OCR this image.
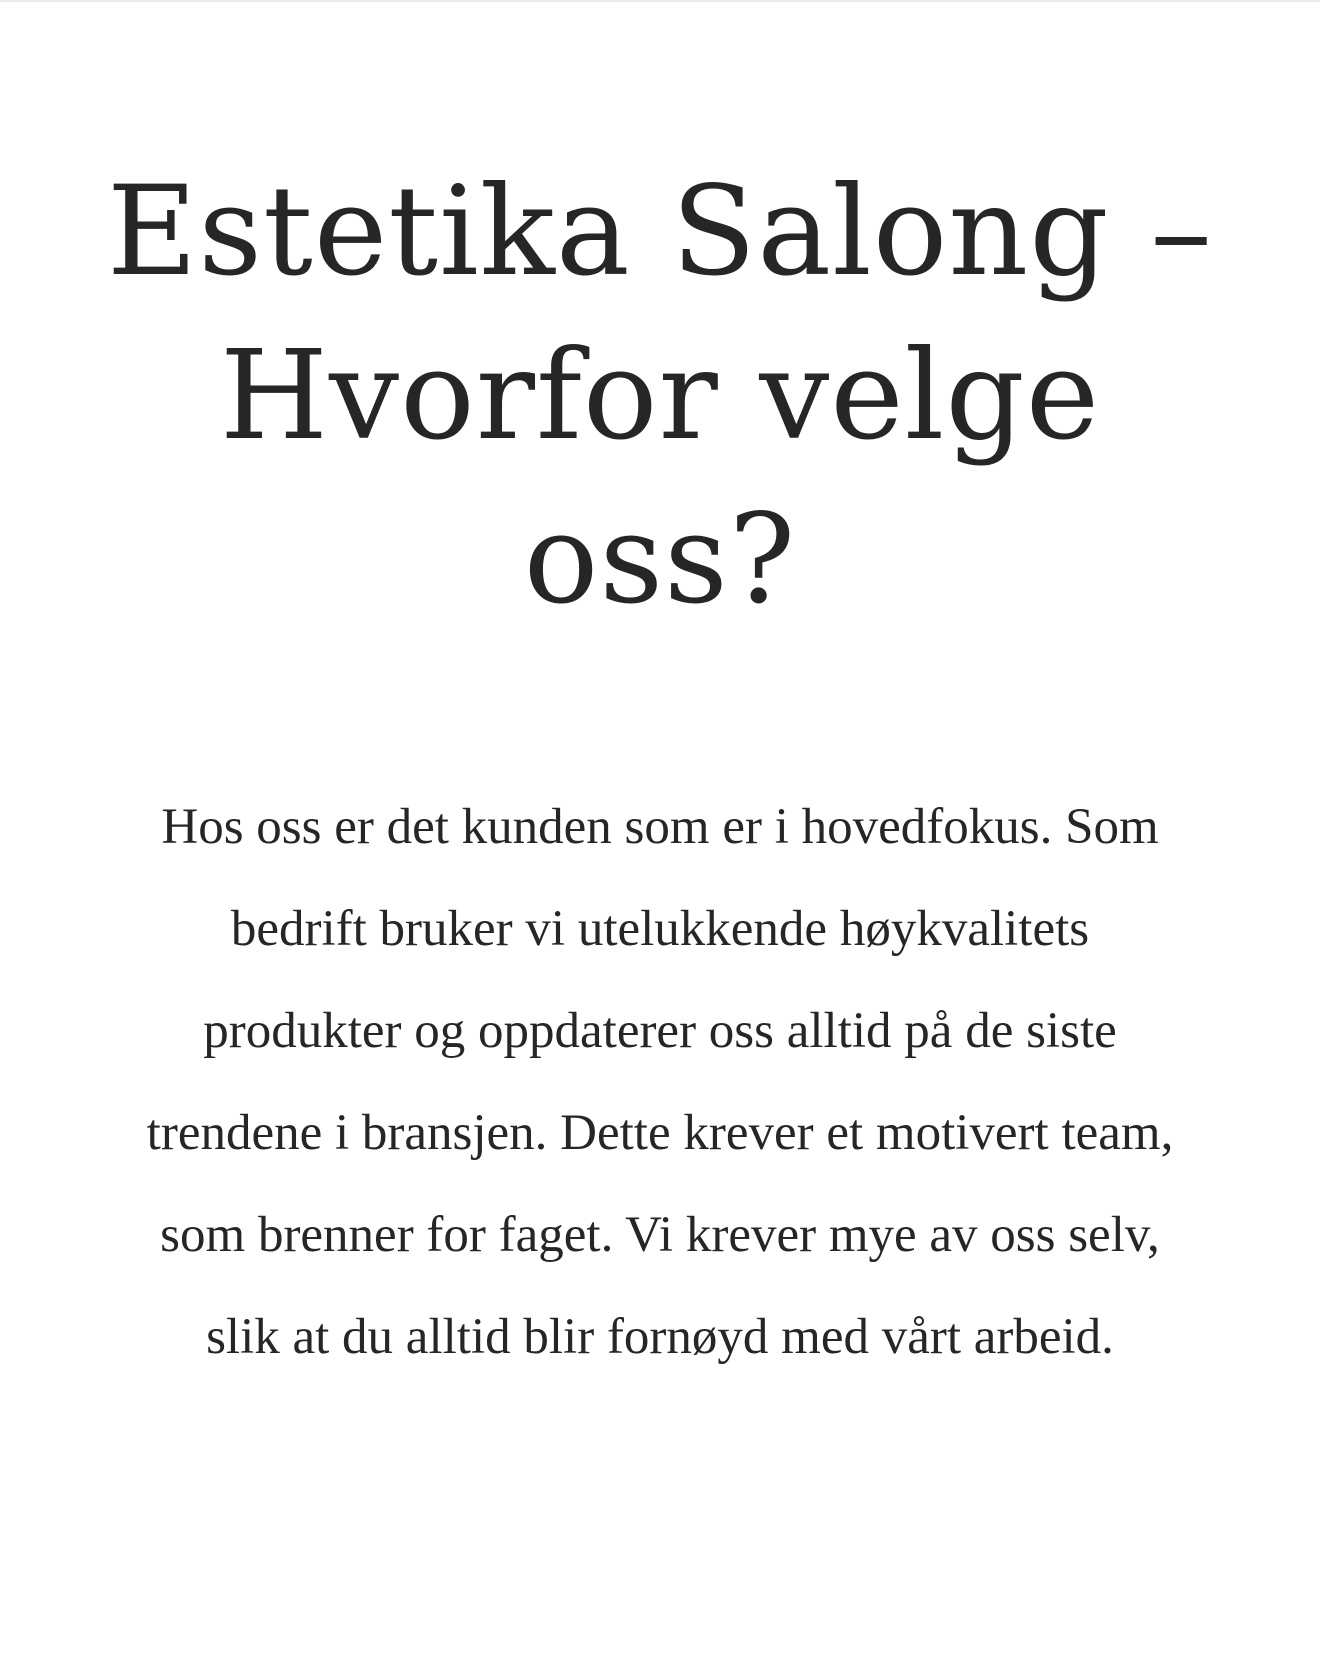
Estetika Salong – Hvorfor velge oss?

Hos oss er det kunden som er i hovedfokus. Som bedrift bruker vi utelukkende høykvalitets produkter og oppdaterer oss alltid på de siste trendene i bransjen. Dette krever et motivert team, som brenner for faget. Vi krever mye av oss selv, slik at du alltid blir fornøyd med vårt arbeid.
